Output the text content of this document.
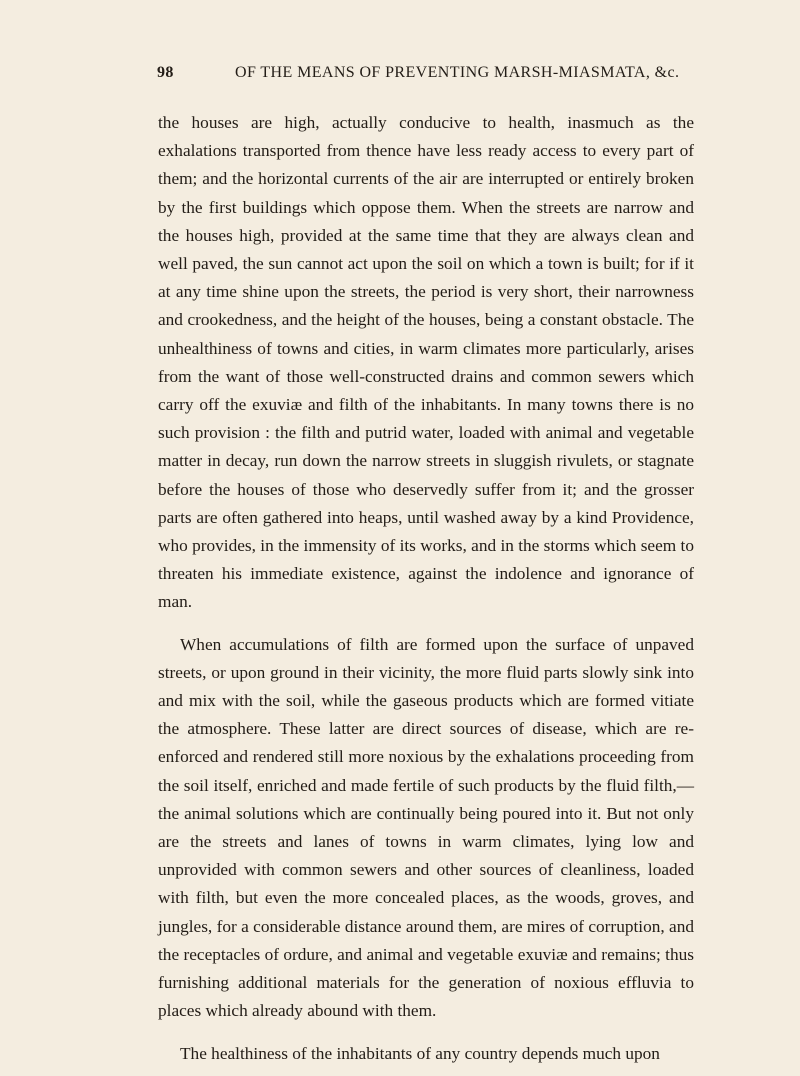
98	OF THE MEANS OF PREVENTING MARSH-MIASMATA, &c.

the houses are high, actually conducive to health, inasmuch as the exhalations transported from thence have less ready access to every part of them; and the horizontal currents of the air are interrupted or entirely broken by the first buildings which oppose them. When the streets are narrow and the houses high, provided at the same time that they are always clean and well paved, the sun cannot act upon the soil on which a town is built; for if it at any time shine upon the streets, the period is very short, their narrowness and crookedness, and the height of the houses, being a constant obstacle. The unhealthiness of towns and cities, in warm climates more particularly, arises from the want of those well-constructed drains and common sewers which carry off the exuviæ and filth of the inhabitants. In many towns there is no such provision : the filth and putrid water, loaded with animal and vegetable matter in decay, run down the narrow streets in sluggish rivulets, or stagnate before the houses of those who deservedly suffer from it; and the grosser parts are often gathered into heaps, until washed away by a kind Providence, who provides, in the immensity of its works, and in the storms which seem to threaten his immediate existence, against the indolence and ignorance of man.

When accumulations of filth are formed upon the surface of unpaved streets, or upon ground in their vicinity, the more fluid parts slowly sink into and mix with the soil, while the gaseous products which are formed vitiate the atmosphere. These latter are direct sources of disease, which are reenforced and rendered still more noxious by the exhalations proceeding from the soil itself, enriched and made fertile of such products by the fluid filth,— the animal solutions which are continually being poured into it. But not only are the streets and lanes of towns in warm climates, lying low and unprovided with common sewers and other sources of cleanliness, loaded with filth, but even the more concealed places, as the woods, groves, and jungles, for a considerable distance around them, are mires of corruption, and the receptacles of ordure, and animal and vegetable exuviæ and remains; thus furnishing additional materials for the generation of noxious effluvia to places which already abound with them.

The healthiness of the inhabitants of any country depends much upon
